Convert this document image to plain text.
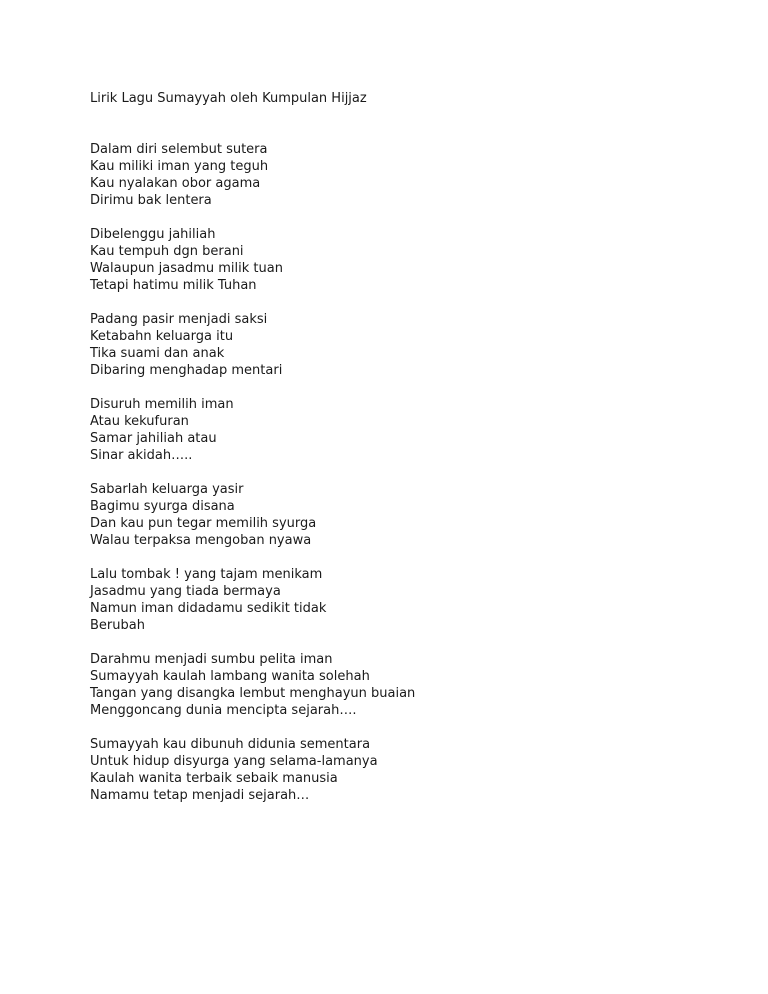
Lirik Lagu Sumayyah oleh Kumpulan Hijjaz
Dalam diri selembut sutera
Kau miliki iman yang teguh
Kau nyalakan obor agama
Dirimu bak lentera
Dibelenggu jahiliah
Kau tempuh dgn berani
Walaupun jasadmu milik tuan
Tetapi hatimu milik Tuhan
Padang pasir menjadi saksi
Ketabahn keluarga itu
Tika suami dan anak
Dibaring menghadap mentari
Disuruh memilih iman
Atau kekufuran
Samar jahiliah atau
Sinar akidah…..
Sabarlah keluarga yasir
Bagimu syurga disana
Dan kau pun tegar memilih syurga
Walau terpaksa mengoban nyawa
Lalu tombak ! yang tajam menikam
Jasadmu yang tiada bermaya
Namun iman didadamu sedikit tidak
Berubah
Darahmu menjadi sumbu pelita iman
Sumayyah kaulah lambang wanita solehah
Tangan yang disangka lembut menghayun buaian
Menggoncang dunia mencipta sejarah….
Sumayyah kau dibunuh didunia sementara
Untuk hidup disyurga yang selama-lamanya
Kaulah wanita terbaik sebaik manusia
Namamu tetap menjadi sejarah…
